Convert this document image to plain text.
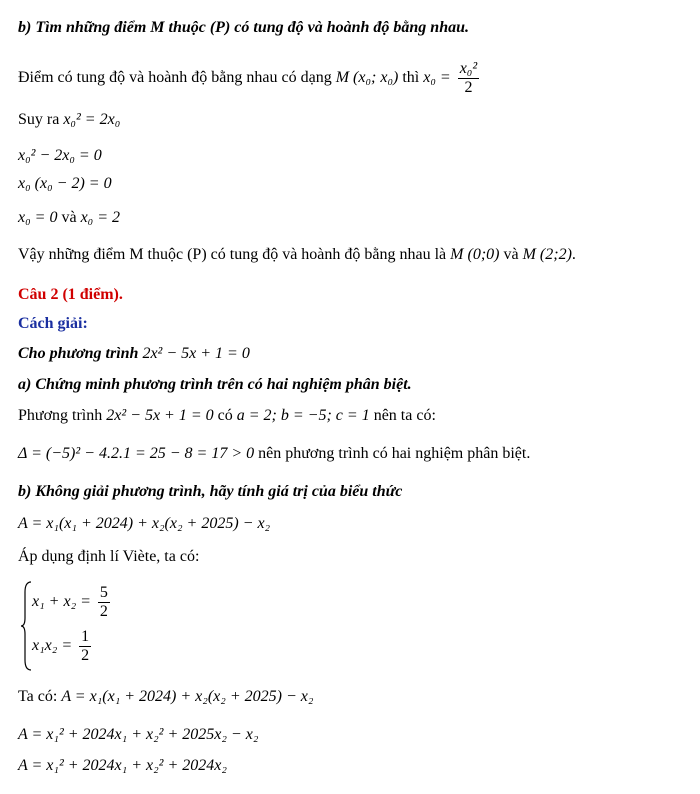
b) Tìm những điểm M thuộc (P) có tung độ và hoành độ bằng nhau.
Điểm có tung độ và hoành độ bằng nhau có dạng M (x₀; x₀) thì $x_0 = \frac{\text{x₀²}}{2}$
Suy ra x₀² = 2x₀
x₀² − 2x₀ = 0
x₀ (x₀ − 2) = 0
x₀ = 0 và x₀ = 2
Vậy những điểm M thuộc (P) có tung độ và hoành độ bằng nhau là M (0;0) và M (2;2).
Câu 2 (1 điểm).
Cách giải:
Cho phương trình 2x² − 5x + 1 = 0
a) Chứng minh phương trình trên có hai nghiệm phân biệt.
Phương trình 2x² − 5x + 1 = 0 có a = 2; b = −5; c = 1 nên ta có:
Δ = (−5)² − 4.2.1 = 25 − 8 = 17 > 0 nên phương trình có hai nghiệm phân biệt.
b) Không giải phương trình, hãy tính giá trị của biểu thức
A = x₁(x₁ + 2024) + x₂(x₂ + 2025) − x₂
Áp dụng định lí Viète, ta có:
$x_1 + x_2 = \frac{5}{2}$
$x_1x_2 = \frac{1}{2}$
Ta có: A = x₁(x₁ + 2024) + x₂(x₂ + 2025) − x₂
A = x₁² + 2024x₁ + x₂² + 2025x₂ − x₂
A = x₁² + 2024x₁ + x₂² + 2024x₂
